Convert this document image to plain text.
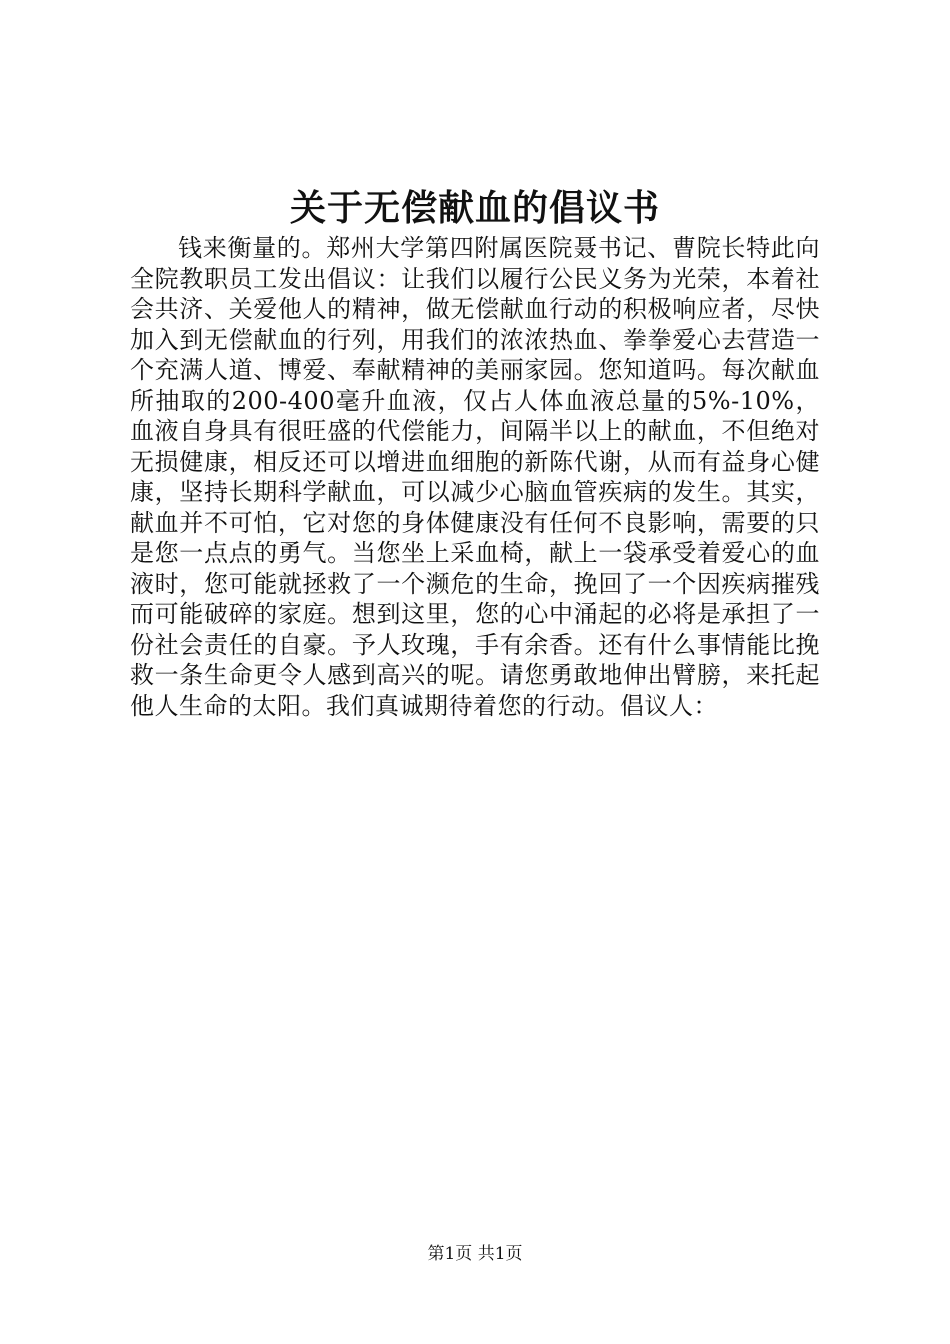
关于无偿献血的倡议书

钱来衡量的。郑州大学第四附属医院聂书记、曹院长特此向全院教职员工发出倡议：让我们以履行公民义务为光荣，本着社会共济、关爱他人的精神，做无偿献血行动的积极响应者，尽快加入到无偿献血的行列，用我们的浓浓热血、拳拳爱心去营造一个充满人道、博爱、奉献精神的美丽家园。您知道吗。每次献血所抽取的200-400毫升血液，仅占人体血液总量的5%-10%，血液自身具有很旺盛的代偿能力，间隔半以上的献血，不但绝对无损健康，相反还可以增进血细胞的新陈代谢，从而有益身心健康，坚持长期科学献血，可以减少心脑血管疾病的发生。其实，献血并不可怕，它对您的身体健康没有任何不良影响，需要的只是您一点点的勇气。当您坐上采血椅，献上一袋承受着爱心的血液时，您可能就拯救了一个濒危的生命，挽回了一个因疾病摧残而可能破碎的家庭。想到这里，您的心中涌起的必将是承担了一份社会责任的自豪。予人玫瑰，手有余香。还有什么事情能比挽救一条生命更令人感到高兴的呢。请您勇敢地伸出臂膀，来托起他人生命的太阳。我们真诚期待着您的行动。倡议人：

第1页 共1页
